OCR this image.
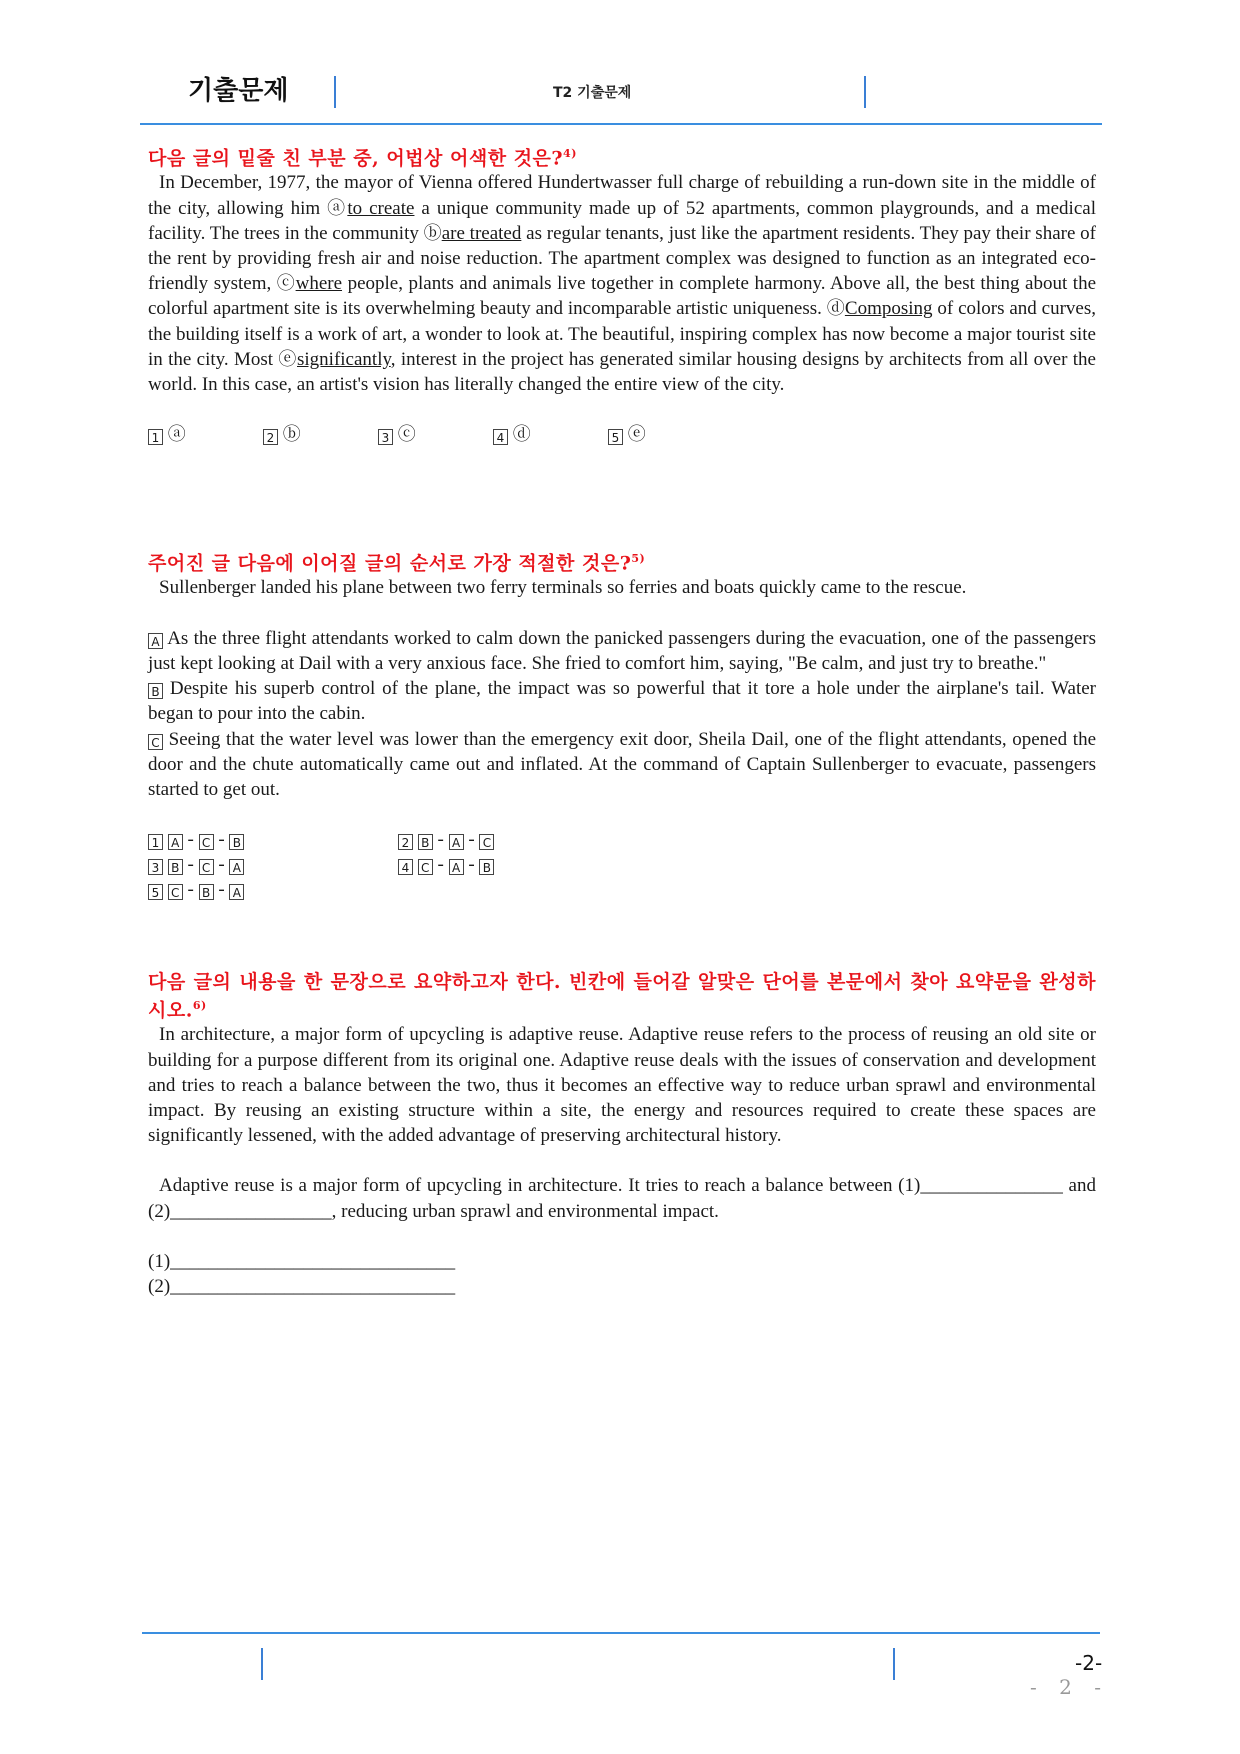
기출문제	T2 기출문제
다음 글의 밑줄 친 부분 중, 어법상 어색한 것은?$^{4)}$

In December, 1977, the mayor of Vienna offered Hundertwasser full charge of rebuilding a run-down site in the middle of the city, allowing him ⓐto create a unique community made up of 52 apartments, common playgrounds, and a medical facility. The trees in the community ⓑare treated as regular tenants, just like the apartment residents. They pay their share of the rent by providing fresh air and noise reduction. The apartment complex was designed to function as an integrated eco-friendly system, ⓒwhere people, plants and animals live together in complete harmony. Above all, the best thing about the colorful apartment site is its overwhelming beauty and incomparable artistic uniqueness. ⓓComposing of colors and curves, the building itself is a work of art, a wonder to look at. The beautiful, inspiring complex has now become a major tourist site in the city. Most ⓔsignificantly, interest in the project has generated similar housing designs by architects from all over the world. In this case, an artist's vision has literally changed the entire view of the city.

1 ⓐ	2 ⓑ	3 ⓒ	4 ⓓ	5 ⓔ
주어진 글 다음에 이어질 글의 순서로 가장 적절한 것은?$^{5)}$

Sullenberger landed his plane between two ferry terminals so ferries and boats quickly came to the rescue.

A As the three flight attendants worked to calm down the panicked passengers during the evacuation, one of the passengers just kept looking at Dail with a very anxious face. She fried to comfort him, saying, "Be calm, and just try to breathe."

B Despite his superb control of the plane, the impact was so powerful that it tore a hole under the airplane's tail. Water began to pour into the cabin.

C Seeing that the water level was lower than the emergency exit door, Sheila Dail, one of the flight attendants, opened the door and the chute automatically came out and inflated. At the command of Captain Sullenberger to evacuate, passengers started to get out.

1 A - C - B	2 B - A - C
3 B - C - A	4 C - A - B
5 C - B - A
다음 글의 내용을 한 문장으로 요약하고자 한다. 빈칸에 들어갈 알맞은 단어를 본문에서 찾아 요약문을 완성하시오.$^{6)}$

In architecture, a major form of upcycling is adaptive reuse. Adaptive reuse refers to the process of reusing an old site or building for a purpose different from its original one. Adaptive reuse deals with the issues of conservation and development and tries to reach a balance between the two, thus it becomes an effective way to reduce urban sprawl and environmental impact. By reusing an existing structure within a site, the energy and resources required to create these spaces are significantly lessened, with the added advantage of preserving architectural history.

Adaptive reuse is a major form of upcycling in architecture. It tries to reach a balance between (1)_______________ and (2)_________________, reducing urban sprawl and environmental impact.

(1)______________________________
(2)______________________________
-2-
- 2 -
